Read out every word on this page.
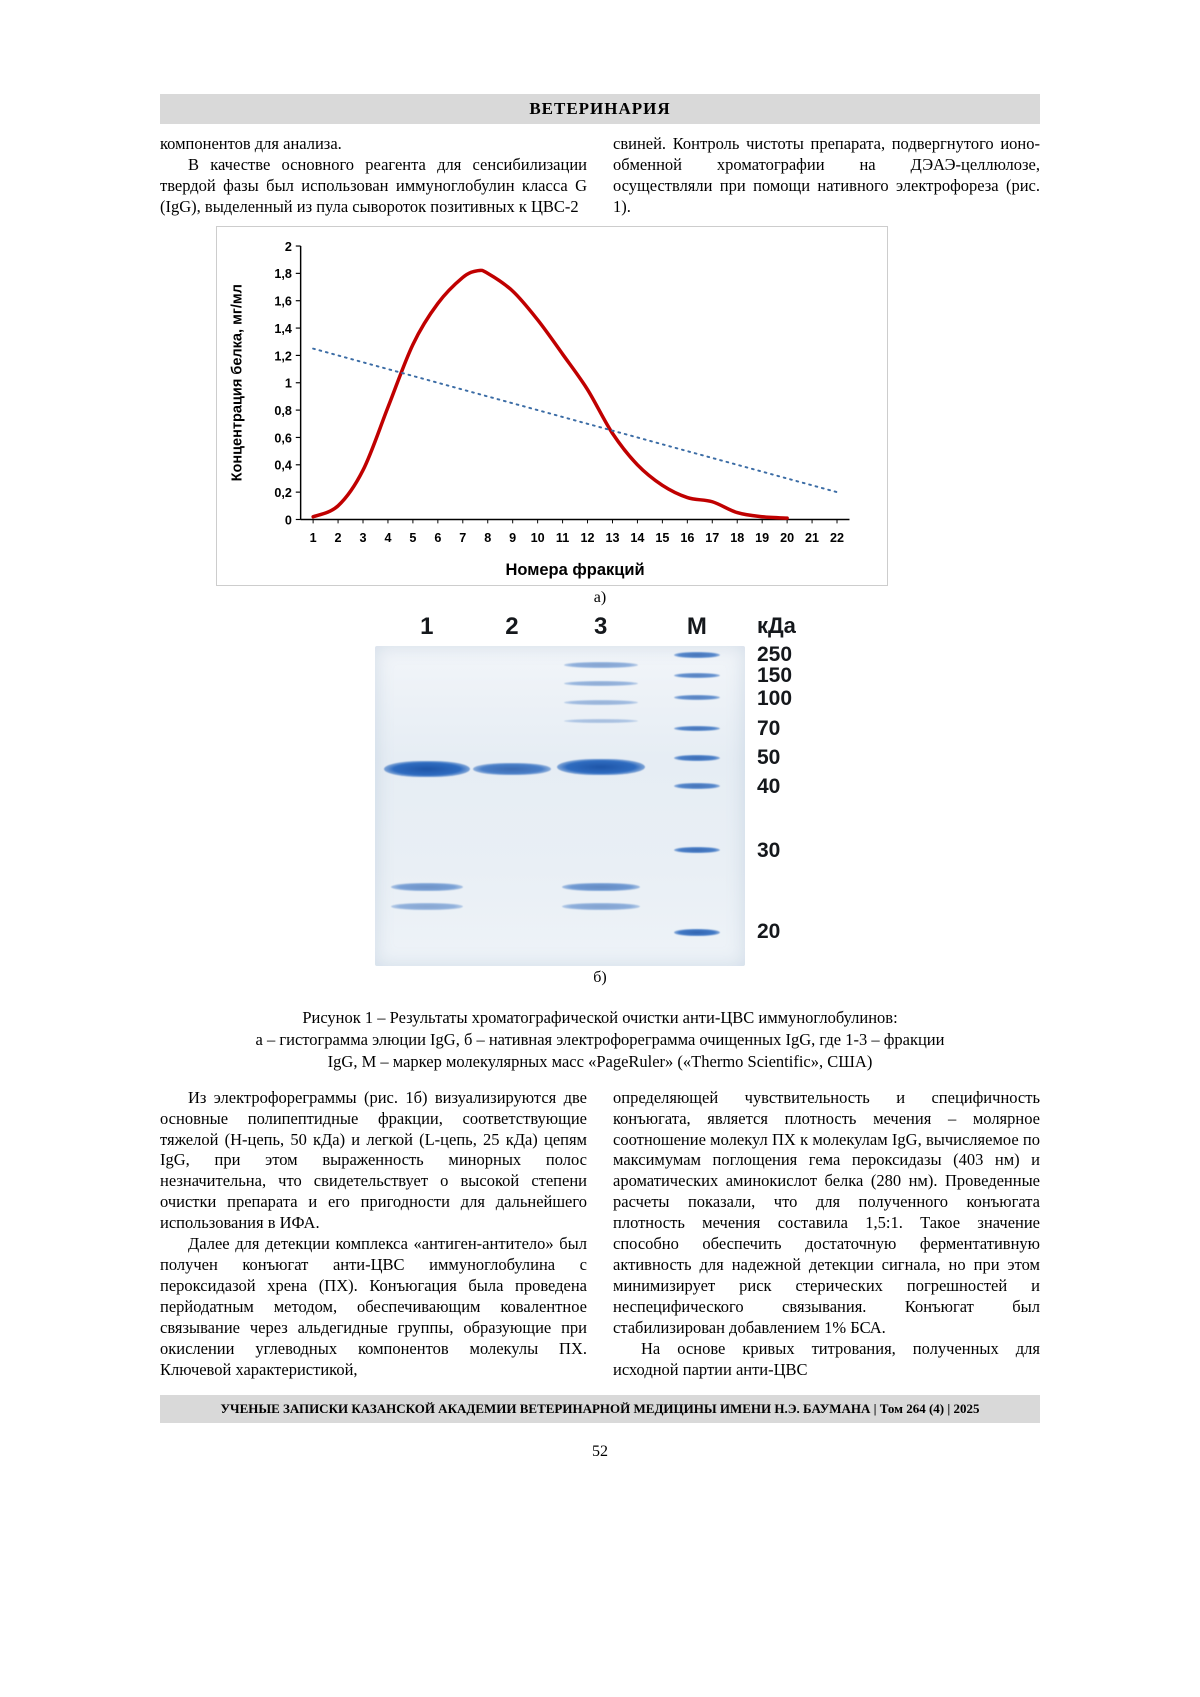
ВЕТЕРИНАРИЯ

компонентов для анализа.

В качестве основного реагента для сенсибилизации твердой фазы был использован иммуноглобулин класса G (IgG), выделенный из пула сывороток позитивных к ЦВС-2

свиней. Контроль чистоты препарата, подвергнутого ионо-обменной хроматографии на ДЭАЭ-целлюлозе, осуществляли при помощи нативного электрофореза (рис. 1).

0
0,2
0,4
0,6
0,8
1
1,2
1,4
1,6
1,8
2
1 2 3 4 5 6 7 8 9 10 11 12 13 14 15 16 17 18 19 20 21 22
Номера фракций
Концентрация белка, мг/мл
а)
1	2	3	M кДа
250
150
100
70
50
40
30
20
б)
Рисунок 1 – Результаты хроматографической очистки анти-ЦВС иммуноглобулинов:
а – гистограмма элюции IgG, б – нативная электрофореграмма очищенных IgG, где 1-3 – фракции
IgG, М – маркер молекулярных масс «PageRuler» («Thermo Scientific», США)

Из электрофореграммы (рис. 1б) визуализируются две основные полипептидные фракции, соответствующие тяжелой (Н-цепь, 50 кДа) и легкой (L-цепь, 25 кДа) цепям IgG, при этом выраженность минорных полос незначительна, что свидетельствует о высокой степени очистки препарата и его пригодности для дальнейшего использования в ИФА.

Далее для детекции комплекса «антиген-антитело» был получен конъюгат анти-ЦВС иммуноглобулина с пероксидазой хрена (ПХ). Конъюгация была проведена перйодатным методом, обеспечивающим ковалентное связывание через альдегидные группы, образующие при окислении углеводных компонентов молекулы ПХ. Ключевой характеристикой,

определяющей чувствительность и специфичность конъюгата, является плотность мечения – молярное соотношение молекул ПХ к молекулам IgG, вычисляемое по максимумам поглощения гема пероксидазы (403 нм) и ароматических аминокислот белка (280 нм). Проведенные расчеты показали, что для полученного конъюгата плотность мечения составила 1,5:1. Такое значение способно обеспечить достаточную ферментативную активность для надежной детекции сигнала, но при этом минимизирует риск стерических погрешностей и неспецифического связывания. Конъюгат был стабилизирован добавлением 1% БСА.

На основе кривых титрования, полученных для исходной партии анти-ЦВС

УЧЕНЫЕ ЗАПИСКИ КАЗАНСКОЙ АКАДЕМИИ ВЕТЕРИНАРНОЙ МЕДИЦИНЫ ИМЕНИ Н.Э. БАУМАНА | Том 264 (4) | 2025
52
